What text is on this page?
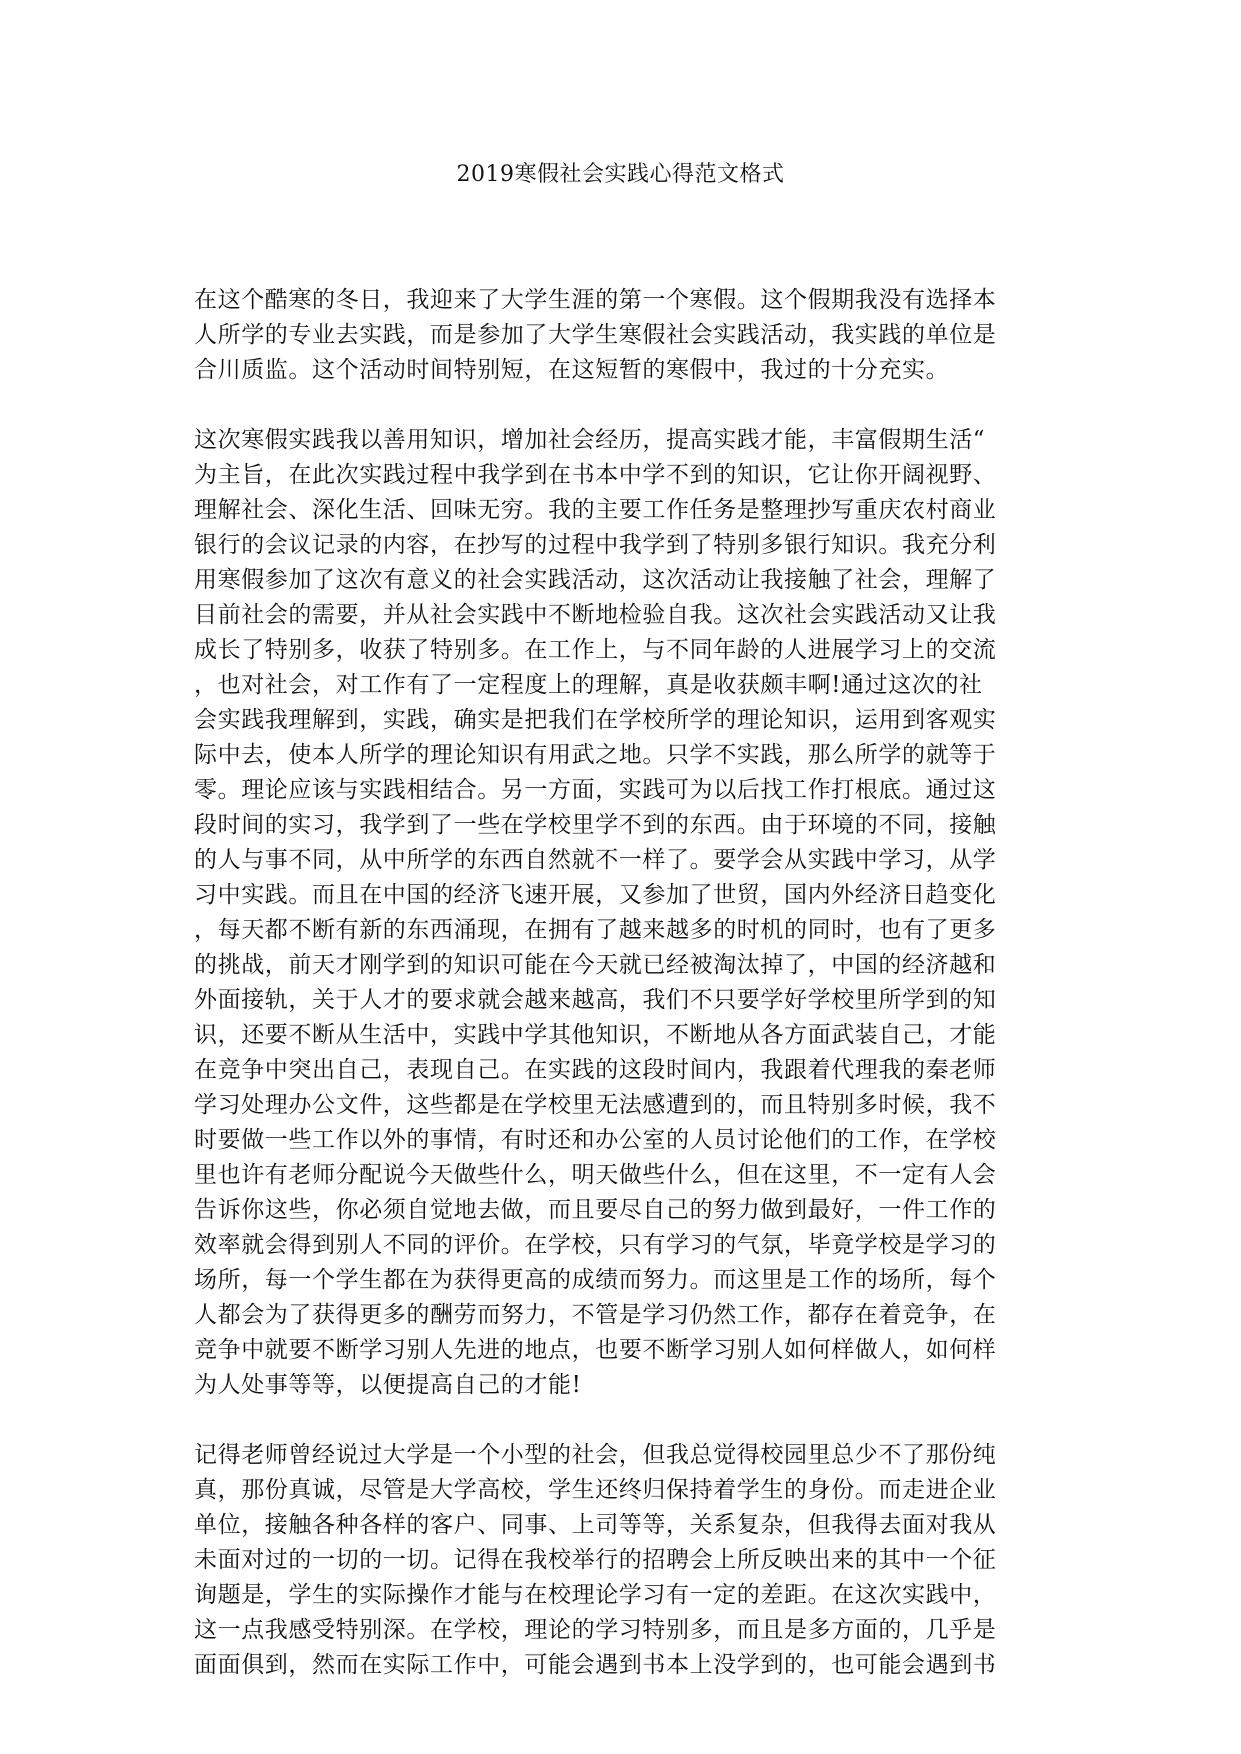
2019寒假社会实践心得范文格式
在这个酷寒的冬日，我迎来了大学生涯的第一个寒假。这个假期我没有选择本
人所学的专业去实践，而是参加了大学生寒假社会实践活动，我实践的单位是
合川质监。这个活动时间特别短，在这短暂的寒假中，我过的十分充实。
这次寒假实践我以善用知识，增加社会经历，提高实践才能，丰富假期生活“
为主旨，在此次实践过程中我学到在书本中学不到的知识，它让你开阔视野、
理解社会、深化生活、回味无穷。我的主要工作任务是整理抄写重庆农村商业
银行的会议记录的内容，在抄写的过程中我学到了特别多银行知识。我充分利
用寒假参加了这次有意义的社会实践活动，这次活动让我接触了社会，理解了
目前社会的需要，并从社会实践中不断地检验自我。这次社会实践活动又让我
成长了特别多，收获了特别多。在工作上，与不同年龄的人进展学习上的交流
，也对社会，对工作有了一定程度上的理解，真是收获颇丰啊!通过这次的社
会实践我理解到，实践，确实是把我们在学校所学的理论知识，运用到客观实
际中去，使本人所学的理论知识有用武之地。只学不实践，那么所学的就等于
零。理论应该与实践相结合。另一方面，实践可为以后找工作打根底。通过这
段时间的实习，我学到了一些在学校里学不到的东西。由于环境的不同，接触
的人与事不同，从中所学的东西自然就不一样了。要学会从实践中学习，从学
习中实践。而且在中国的经济飞速开展，又参加了世贸，国内外经济日趋变化
，每天都不断有新的东西涌现，在拥有了越来越多的时机的同时，也有了更多
的挑战，前天才刚学到的知识可能在今天就已经被淘汰掉了，中国的经济越和
外面接轨，关于人才的要求就会越来越高，我们不只要学好学校里所学到的知
识，还要不断从生活中，实践中学其他知识，不断地从各方面武装自己，才能
在竞争中突出自己，表现自己。在实践的这段时间内，我跟着代理我的秦老师
学习处理办公文件，这些都是在学校里无法感遭到的，而且特别多时候，我不
时要做一些工作以外的事情，有时还和办公室的人员讨论他们的工作，在学校
里也许有老师分配说今天做些什么，明天做些什么，但在这里，不一定有人会
告诉你这些，你必须自觉地去做，而且要尽自己的努力做到最好，一件工作的
效率就会得到别人不同的评价。在学校，只有学习的气氛，毕竟学校是学习的
场所，每一个学生都在为获得更高的成绩而努力。而这里是工作的场所，每个
人都会为了获得更多的酬劳而努力，不管是学习仍然工作，都存在着竞争，在
竞争中就要不断学习别人先进的地点，也要不断学习别人如何样做人，如何样
为人处事等等，以便提高自己的才能!
记得老师曾经说过大学是一个小型的社会，但我总觉得校园里总少不了那份纯
真，那份真诚，尽管是大学高校，学生还终归保持着学生的身份。而走进企业
单位，接触各种各样的客户、同事、上司等等，关系复杂，但我得去面对我从
未面对过的一切的一切。记得在我校举行的招聘会上所反映出来的其中一个征
询题是，学生的实际操作才能与在校理论学习有一定的差距。在这次实践中，
这一点我感受特别深。在学校，理论的学习特别多，而且是多方面的，几乎是
面面俱到，然而在实际工作中，可能会遇到书本上没学到的，也可能会遇到书
